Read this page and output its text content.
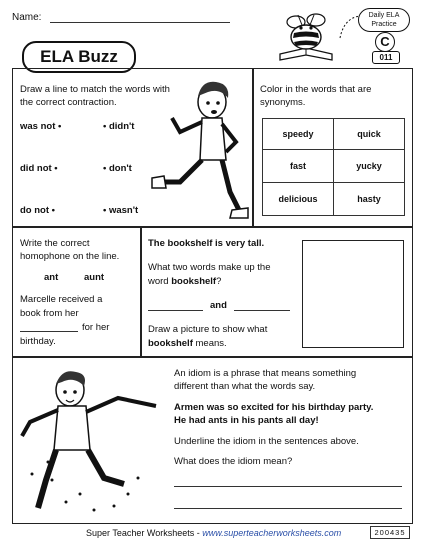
Name:
ELA Buzz
Daily ELA
Practice
C
011
Draw a line to match the words with the correct contraction.
was not •
did not •
do not •
• didn't
• don't
• wasn't
Color in the words that are synonyms.
speedy	quick
fast	yucky
delicious	hasty
Write the correct homophone on the line.
ant	aunt
Marcelle received a
book from her
for her
birthday.
The bookshelf is very tall.
What two words make up the
word bookshelf?
and
Draw a picture to show what
bookshelf means.
An idiom is a phrase that means something
different than what the words say.
Armen was so excited for his birthday party.
He had ants in his pants all day!
Underline the idiom in the sentences above.
What does the idiom mean?
Super Teacher Worksheets - www.superteacherworksheets.com	200435
